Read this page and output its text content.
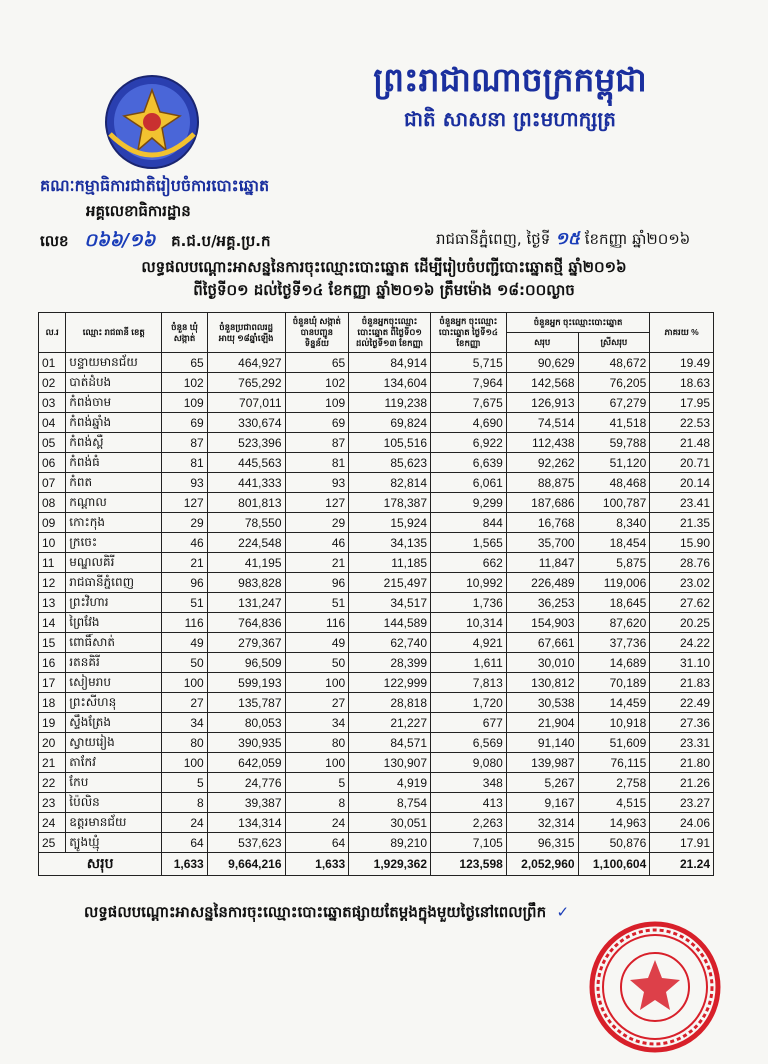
ព្រះរាជាណាចក្រកម្ពុជា
ជាតិ សាសនា ព្រះមហាក្សត្រ
គណៈកម្មាធិការជាតិរៀបចំការបោះឆ្នោត
អគ្គលេខាធិការដ្ឋាន
លេខ ០៦៦/១៦ គ.ជ.ប/អគ្គ.ប្រ.ក	រាជធានីភ្នំពេញ, ថ្ងៃទី ១៥ ខែកញ្ញា ឆ្នាំ២០១៦
លទ្ធផលបណ្តោះអាសន្ននៃការចុះឈ្មោះបោះឆ្នោត ដើម្បីរៀបចំបញ្ជីបោះឆ្នោតថ្មី ឆ្នាំ២០១៦
ពីថ្ងៃទី០១ ដល់ថ្ងៃទី១៤ ខែកញ្ញា ឆ្នាំ២០១៦ ត្រឹមម៉ោង ១៨:០០ល្ងាច
ល.រ	ឈ្មោះ រាជធានី ខេត្ត	ចំនួន ឃុំ សង្កាត់	ចំនួនប្រជាពលរដ្ឋ អាយុ ១៨ឆ្នាំឡើង	ចំនួនឃុំ សង្កាត់ បានបញ្ជូន ទិន្នន័យ	ចំនួនអ្នកចុះឈ្មោះ បោះឆ្នោត ពីថ្ងៃទី០១ ដល់ថ្ងៃទី១៣ ខែកញ្ញា	ចំនួនអ្នក ចុះឈ្មោះបោះឆ្នោត ថ្ងៃទី១៤ ខែកញ្ញា	ចំនួនអ្នក ចុះឈ្មោះបោះឆ្នោត		ភាគរយ %
							សរុប	ស្រីសរុប	
01	បន្ទាយមានជ័យ	65	464,927	65	84,914	5,715	90,629	48,672	19.49
02	បាត់ដំបង	102	765,292	102	134,604	7,964	142,568	76,205	18.63
03	កំពង់ចាម	109	707,011	109	119,238	7,675	126,913	67,279	17.95
04	កំពង់ឆ្នាំង	69	330,674	69	69,824	4,690	74,514	41,518	22.53
05	កំពង់ស្ពឺ	87	523,396	87	105,516	6,922	112,438	59,788	21.48
06	កំពង់ធំ	81	445,563	81	85,623	6,639	92,262	51,120	20.71
07	កំពត	93	441,333	93	82,814	6,061	88,875	48,468	20.14
08	កណ្តាល	127	801,813	127	178,387	9,299	187,686	100,787	23.41
09	កោះកុង	29	78,550	29	15,924	844	16,768	8,340	21.35
10	ក្រចេះ	46	224,548	46	34,135	1,565	35,700	18,454	15.90
11	មណ្ឌលគិរី	21	41,195	21	11,185	662	11,847	5,875	28.76
12	រាជធានីភ្នំពេញ	96	983,828	96	215,497	10,992	226,489	119,006	23.02
13	ព្រះវិហារ	51	131,247	51	34,517	1,736	36,253	18,645	27.62
14	ព្រៃវែង	116	764,836	116	144,589	10,314	154,903	87,620	20.25
15	ពោធិ៍សាត់	49	279,367	49	62,740	4,921	67,661	37,736	24.22
16	រតនគិរី	50	96,509	50	28,399	1,611	30,010	14,689	31.10
17	សៀមរាប	100	599,193	100	122,999	7,813	130,812	70,189	21.83
18	ព្រះសីហនុ	27	135,787	27	28,818	1,720	30,538	14,459	22.49
19	ស្ទឹងត្រែង	34	80,053	34	21,227	677	21,904	10,918	27.36
20	ស្វាយរៀង	80	390,935	80	84,571	6,569	91,140	51,609	23.31
21	តាកែវ	100	642,059	100	130,907	9,080	139,987	76,115	21.80
22	កែប	5	24,776	5	4,919	348	5,267	2,758	21.26
23	ប៉ៃលិន	8	39,387	8	8,754	413	9,167	4,515	23.27
24	ឧត្តរមានជ័យ	24	134,314	24	30,051	2,263	32,314	14,963	24.06
25	ត្បូងឃ្មុំ	64	537,623	64	89,210	7,105	96,315	50,876	17.91
សរុប		1,633	9,664,216	1,633	1,929,362	123,598	2,052,960	1,100,604	21.24
លទ្ធផលបណ្តោះអាសន្ននៃការចុះឈ្មោះបោះឆ្នោតផ្សាយតែម្តងក្នុងមួយថ្ងៃនៅពេលព្រឹក ✓
